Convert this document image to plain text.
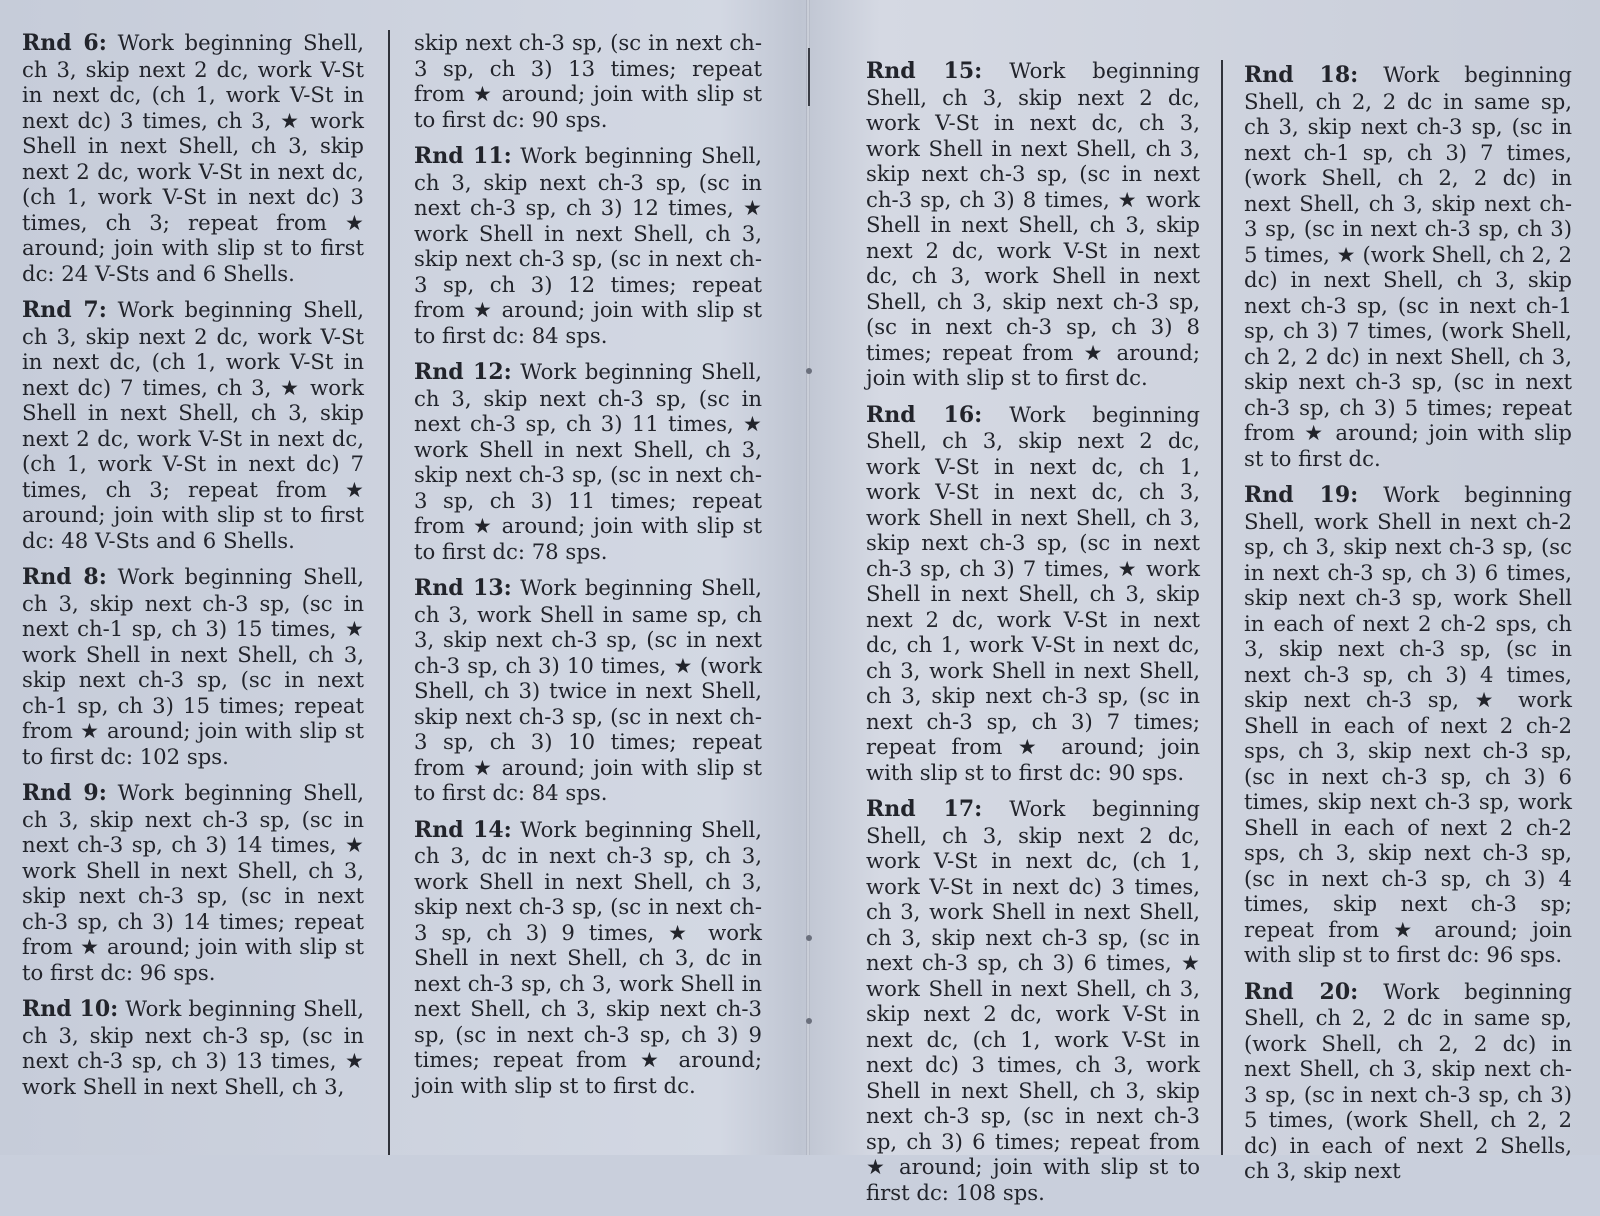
Rnd 6: Work beginning Shell, ch 3, skip next 2 dc, work V-St in next dc, (ch 1, work V-St in next dc) 3 times, ch 3, ★ work Shell in next Shell, ch 3, skip next 2 dc, work V-St in next dc, (ch 1, work V-St in next dc) 3 times, ch 3; repeat from ★ around; join with slip st to first dc: 24 V-Sts and 6 Shells.

Rnd 7: Work beginning Shell, ch 3, skip next 2 dc, work V-St in next dc, (ch 1, work V-St in next dc) 7 times, ch 3, ★ work Shell in next Shell, ch 3, skip next 2 dc, work V-St in next dc, (ch 1, work V-St in next dc) 7 times, ch 3; repeat from ★ around; join with slip st to first dc: 48 V-Sts and 6 Shells.

Rnd 8: Work beginning Shell, ch 3, skip next ch-3 sp, (sc in next ch-1 sp, ch 3) 15 times, ★ work Shell in next Shell, ch 3, skip next ch-3 sp, (sc in next ch-1 sp, ch 3) 15 times; repeat from ★ around; join with slip st to first dc: 102 sps.

Rnd 9: Work beginning Shell, ch 3, skip next ch-3 sp, (sc in next ch-3 sp, ch 3) 14 times, ★ work Shell in next Shell, ch 3, skip next ch-3 sp, (sc in next ch-3 sp, ch 3) 14 times; repeat from ★ around; join with slip st to first dc: 96 sps.

Rnd 10: Work beginning Shell, ch 3, skip next ch-3 sp, (sc in next ch-3 sp, ch 3) 13 times, ★ work Shell in next Shell, ch 3,

skip next ch-3 sp, (sc in next ch-3 sp, ch 3) 13 times; repeat from ★ around; join with slip st to first dc: 90 sps.

Rnd 11: Work beginning Shell, ch 3, skip next ch-3 sp, (sc in next ch-3 sp, ch 3) 12 times, ★ work Shell in next Shell, ch 3, skip next ch-3 sp, (sc in next ch-3 sp, ch 3) 12 times; repeat from ★ around; join with slip st to first dc: 84 sps.

Rnd 12: Work beginning Shell, ch 3, skip next ch-3 sp, (sc in next ch-3 sp, ch 3) 11 times, ★ work Shell in next Shell, ch 3, skip next ch-3 sp, (sc in next ch-3 sp, ch 3) 11 times; repeat from ★ around; join with slip st to first dc: 78 sps.

Rnd 13: Work beginning Shell, ch 3, work Shell in same sp, ch 3, skip next ch-3 sp, (sc in next ch-3 sp, ch 3) 10 times, ★ (work Shell, ch 3) twice in next Shell, skip next ch-3 sp, (sc in next ch-3 sp, ch 3) 10 times; repeat from ★ around; join with slip st to first dc: 84 sps.

Rnd 14: Work beginning Shell, ch 3, dc in next ch-3 sp, ch 3, work Shell in next Shell, ch 3, skip next ch-3 sp, (sc in next ch-3 sp, ch 3) 9 times, ★ work Shell in next Shell, ch 3, dc in next ch-3 sp, ch 3, work Shell in next Shell, ch 3, skip next ch-3 sp, (sc in next ch-3 sp, ch 3) 9 times; repeat from ★ around; join with slip st to first dc.

Rnd 15: Work beginning Shell, ch 3, skip next 2 dc, work V-St in next dc, ch 3, work Shell in next Shell, ch 3, skip next ch-3 sp, (sc in next ch-3 sp, ch 3) 8 times, ★ work Shell in next Shell, ch 3, skip next 2 dc, work V-St in next dc, ch 3, work Shell in next Shell, ch 3, skip next ch-3 sp, (sc in next ch-3 sp, ch 3) 8 times; repeat from ★ around; join with slip st to first dc.

Rnd 16: Work beginning Shell, ch 3, skip next 2 dc, work V-St in next dc, ch 1, work V-St in next dc, ch 3, work Shell in next Shell, ch 3, skip next ch-3 sp, (sc in next ch-3 sp, ch 3) 7 times, ★ work Shell in next Shell, ch 3, skip next 2 dc, work V-St in next dc, ch 1, work V-St in next dc, ch 3, work Shell in next Shell, ch 3, skip next ch-3 sp, (sc in next ch-3 sp, ch 3) 7 times; repeat from ★ around; join with slip st to first dc: 90 sps.

Rnd 17: Work beginning Shell, ch 3, skip next 2 dc, work V-St in next dc, (ch 1, work V-St in next dc) 3 times, ch 3, work Shell in next Shell, ch 3, skip next ch-3 sp, (sc in next ch-3 sp, ch 3) 6 times, ★ work Shell in next Shell, ch 3, skip next 2 dc, work V-St in next dc, (ch 1, work V-St in next dc) 3 times, ch 3, work Shell in next Shell, ch 3, skip next ch-3 sp, (sc in next ch-3 sp, ch 3) 6 times; repeat from ★ around; join with slip st to first dc: 108 sps.

Rnd 18: Work beginning Shell, ch 2, 2 dc in same sp, ch 3, skip next ch-3 sp, (sc in next ch-1 sp, ch 3) 7 times, (work Shell, ch 2, 2 dc) in next Shell, ch 3, skip next ch-3 sp, (sc in next ch-3 sp, ch 3) 5 times, ★ (work Shell, ch 2, 2 dc) in next Shell, ch 3, skip next ch-3 sp, (sc in next ch-1 sp, ch 3) 7 times, (work Shell, ch 2, 2 dc) in next Shell, ch 3, skip next ch-3 sp, (sc in next ch-3 sp, ch 3) 5 times; repeat from ★ around; join with slip st to first dc.

Rnd 19: Work beginning Shell, work Shell in next ch-2 sp, ch 3, skip next ch-3 sp, (sc in next ch-3 sp, ch 3) 6 times, skip next ch-3 sp, work Shell in each of next 2 ch-2 sps, ch 3, skip next ch-3 sp, (sc in next ch-3 sp, ch 3) 4 times, skip next ch-3 sp, ★ work Shell in each of next 2 ch-2 sps, ch 3, skip next ch-3 sp, (sc in next ch-3 sp, ch 3) 6 times, skip next ch-3 sp, work Shell in each of next 2 ch-2 sps, ch 3, skip next ch-3 sp, (sc in next ch-3 sp, ch 3) 4 times, skip next ch-3 sp; repeat from ★ around; join with slip st to first dc: 96 sps.

Rnd 20: Work beginning Shell, ch 2, 2 dc in same sp, (work Shell, ch 2, 2 dc) in next Shell, ch 3, skip next ch-3 sp, (sc in next ch-3 sp, ch 3) 5 times, (work Shell, ch 2, 2 dc) in each of next 2 Shells, ch 3, skip next
